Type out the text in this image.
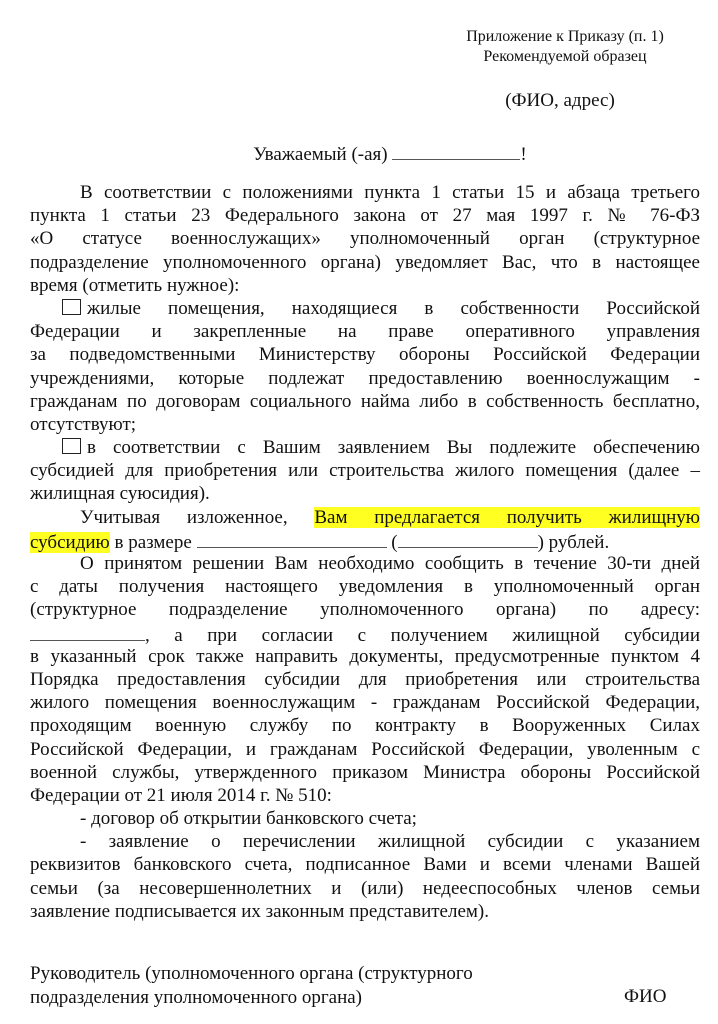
Приложение к Приказу (п. 1)
Рекомендуемой образец
(ФИО, адрес)
Уважаемый (-ая)	!
В соответствии с положениями пункта 1 статьи 15 и абзаца третьего
пункта 1 статьи 23 Федерального закона от 27 мая 1997 г. № 76-ФЗ
«О статусе военнослужащих» уполномоченный орган (структурное
подразделение уполномоченного органа) уведомляет Вас, что в настоящее
время (отметить нужное):
жилые помещения, находящиеся в собственности Российской
Федерации и закрепленные на праве оперативного управления
за подведомственными Министерству обороны Российской Федерации
учреждениями, которые подлежат предоставлению военнослужащим -
гражданам по договорам социального найма либо в собственность бесплатно,
отсутствуют;
в соответствии с Вашим заявлением Вы подлежите обеспечению
субсидией для приобретения или строительства жилого помещения (далее –
жилищная суюсидия).
Учитывая изложенное, Вам предлагается получить жилищную
субсидию в размере	(	) рублей.
О принятом решении Вам необходимо сообщить в течение 30-ти дней
с даты получения настоящего уведомления в уполномоченный орган
(структурное подразделение уполномоченного органа) по адресу:
, а при согласии с получением жилищной субсидии
в указанный срок также направить документы, предусмотренные пунктом 4
Порядка предоставления субсидии для приобретения или строительства
жилого помещения военнослужащим - гражданам Российской Федерации,
проходящим военную службу по контракту в Вооруженных Силах
Российской Федерации, и гражданам Российской Федерации, уволенным с
военной службы, утвержденного приказом Министра обороны Российской
Федерации от 21 июля 2014 г. № 510:
- договор об открытии банковского счета;
- заявление о перечислении жилищной субсидии с указанием
реквизитов банковского счета, подписанное Вами и всеми членами Вашей
семьи (за несовершеннолетних и (или) недееспособных членов семьи
заявление подписывается их законным представителем).
Руководитель (уполномоченного органа (структурного
подразделения уполномоченного органа)	ФИО
